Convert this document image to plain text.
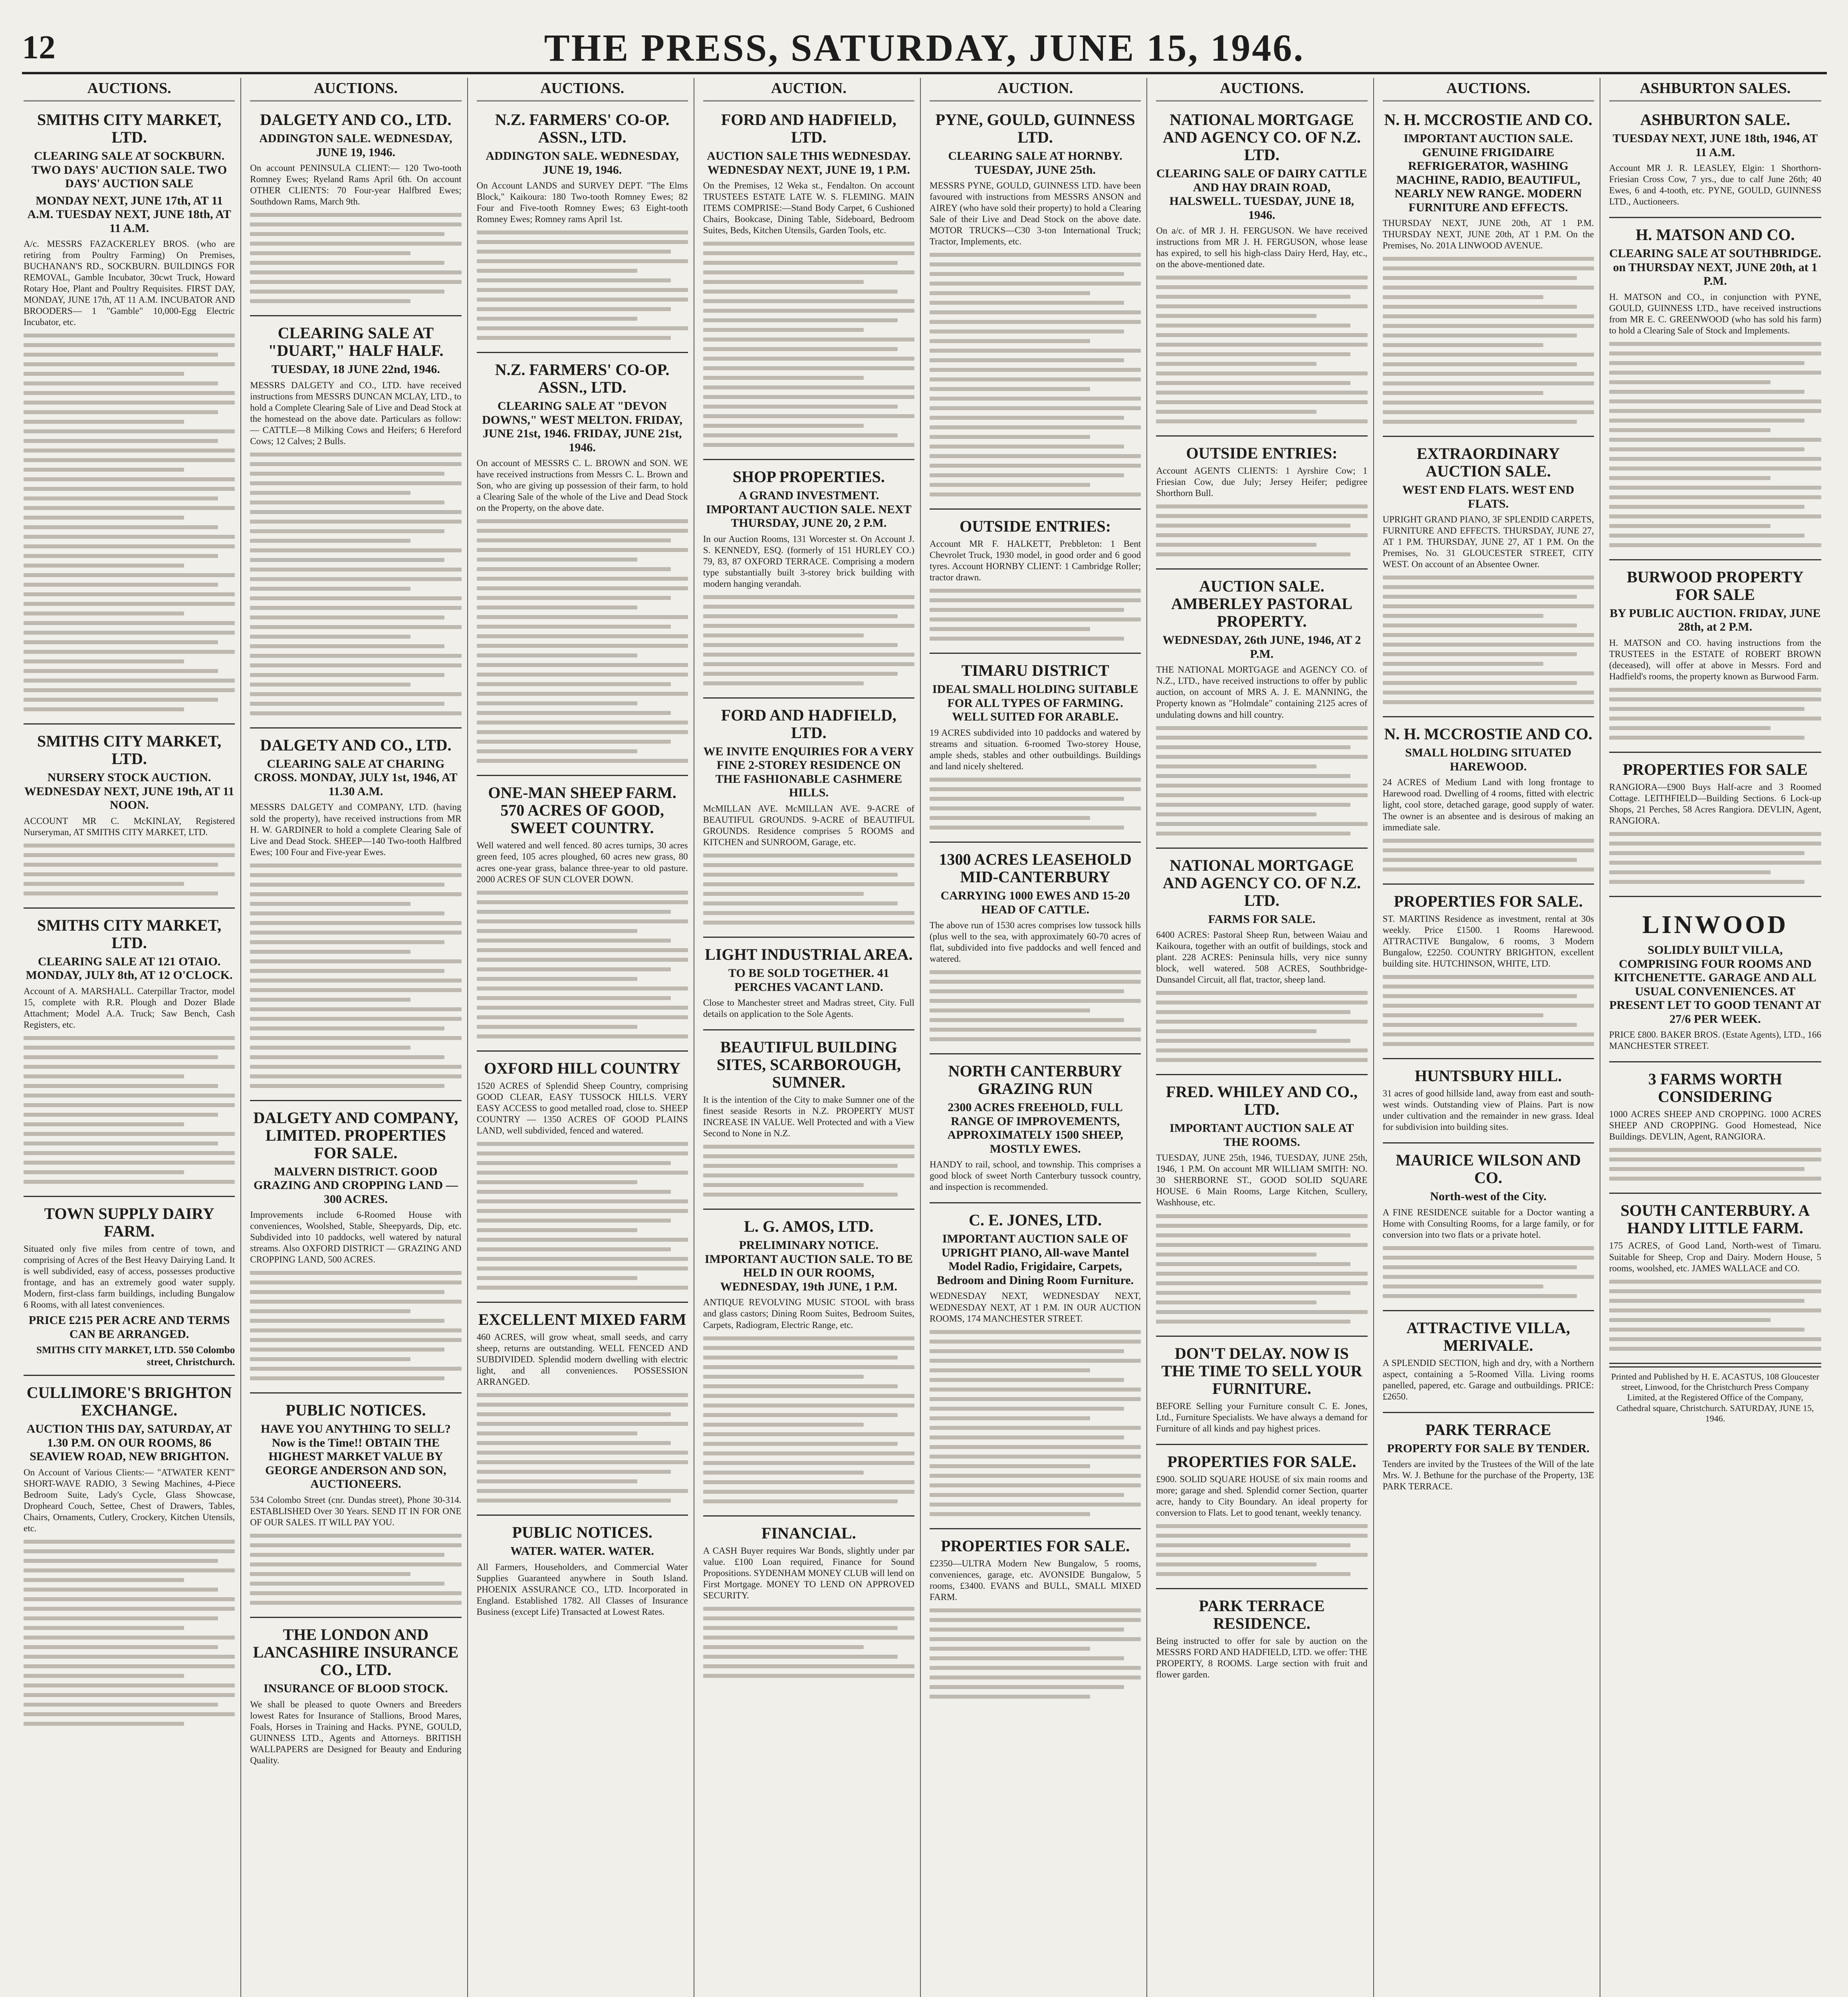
12	THE PRESS, SATURDAY, JUNE 15, 1946.
AUCTIONS.
SMITHS CITY MARKET, LTD.
CLEARING SALE AT SOCKBURN. TWO DAYS' AUCTION SALE. TWO DAYS' AUCTION SALE
MONDAY NEXT, JUNE 17th, AT 11 A.M. TUESDAY NEXT, JUNE 18th, AT 11 A.M.

A/c. MESSRS FAZACKERLEY BROS. (who are retiring from Poultry Farming) On Premises, BUCHANAN'S RD., SOCKBURN. BUILDINGS FOR REMOVAL, Gamble Incubator, 30cwt Truck, Howard Rotary Hoe, Plant and Poultry Requisites. FIRST DAY, MONDAY, JUNE 17th, AT 11 A.M. INCUBATOR AND BROODERS— 1 "Gamble" 10,000-Egg Electric Incubator, etc.

SMITHS CITY MARKET, LTD.
NURSERY STOCK AUCTION. WEDNESDAY NEXT, JUNE 19th, AT 11 NOON.

ACCOUNT MR C. McKINLAY, Registered Nurseryman, AT SMITHS CITY MARKET, LTD.

SMITHS CITY MARKET, LTD.
CLEARING SALE AT 121 OTAIO. MONDAY, JULY 8th, AT 12 O'CLOCK.

Account of A. MARSHALL. Caterpillar Tractor, model 15, complete with R.R. Plough and Dozer Blade Attachment; Model A.A. Truck; Saw Bench, Cash Registers, etc.

TOWN SUPPLY DAIRY FARM.

Situated only five miles from centre of town, and comprising of Acres of the Best Heavy Dairying Land. It is well subdivided, easy of access, possesses productive frontage, and has an extremely good water supply. Modern, first-class farm buildings, including Bungalow 6 Rooms, with all latest conveniences.

PRICE £215 PER ACRE AND TERMS CAN BE ARRANGED.
SMITHS CITY MARKET, LTD. 550 Colombo street, Christchurch.
CULLIMORE'S BRIGHTON EXCHANGE.
AUCTION THIS DAY, SATURDAY, AT 1.30 P.M. ON OUR ROOMS, 86 SEAVIEW ROAD, NEW BRIGHTON.

On Account of Various Clients:— "ATWATER KENT" SHORT-WAVE RADIO, 3 Sewing Machines, 4-Piece Bedroom Suite, Lady's Cycle, Glass Showcase, Dropheard Couch, Settee, Chest of Drawers, Tables, Chairs, Ornaments, Cutlery, Crockery, Kitchen Utensils, etc.

AUCTIONS.
DALGETY AND CO., LTD.
ADDINGTON SALE. WEDNESDAY, JUNE 19, 1946.

On account PENINSULA CLIENT:— 120 Two-tooth Romney Ewes; Ryeland Rams April 6th. On account OTHER CLIENTS: 70 Four-year Halfbred Ewes; Southdown Rams, March 9th.

CLEARING SALE AT "DUART," HALF HALF.
TUESDAY, 18 JUNE 22nd, 1946.

MESSRS DALGETY and CO., LTD. have received instructions from MESSRS DUNCAN MCLAY, LTD., to hold a Complete Clearing Sale of Live and Dead Stock at the homestead on the above date. Particulars as follow:— CATTLE—8 Milking Cows and Heifers; 6 Hereford Cows; 12 Calves; 2 Bulls.

DALGETY AND CO., LTD.
CLEARING SALE AT CHARING CROSS. MONDAY, JULY 1st, 1946, AT 11.30 A.M.

MESSRS DALGETY and COMPANY, LTD. (having sold the property), have received instructions from MR H. W. GARDINER to hold a complete Clearing Sale of Live and Dead Stock. SHEEP—140 Two-tooth Halfbred Ewes; 100 Four and Five-year Ewes.

DALGETY AND COMPANY, LIMITED. PROPERTIES FOR SALE.
MALVERN DISTRICT. GOOD GRAZING AND CROPPING LAND — 300 ACRES.

Improvements include 6-Roomed House with conveniences, Woolshed, Stable, Sheepyards, Dip, etc. Subdivided into 10 paddocks, well watered by natural streams. Also OXFORD DISTRICT — GRAZING AND CROPPING LAND, 500 ACRES.

PUBLIC NOTICES.
HAVE YOU ANYTHING TO SELL? Now is the Time!! OBTAIN THE HIGHEST MARKET VALUE BY GEORGE ANDERSON AND SON, AUCTIONEERS.

534 Colombo Street (cnr. Dundas street), Phone 30-314. ESTABLISHED Over 30 Years. SEND IT IN FOR ONE OF OUR SALES. IT WILL PAY YOU.

THE LONDON AND LANCASHIRE INSURANCE CO., LTD.
INSURANCE OF BLOOD STOCK.

We shall be pleased to quote Owners and Breeders lowest Rates for Insurance of Stallions, Brood Mares, Foals, Horses in Training and Hacks. PYNE, GOULD, GUINNESS LTD., Agents and Attorneys. BRITISH WALLPAPERS are Designed for Beauty and Enduring Quality.

AUCTIONS.
N.Z. FARMERS' CO-OP. ASSN., LTD.
ADDINGTON SALE. WEDNESDAY, JUNE 19, 1946.

On Account LANDS and SURVEY DEPT. "The Elms Block," Kaikoura: 180 Two-tooth Romney Ewes; 82 Four and Five-tooth Romney Ewes; 63 Eight-tooth Romney Ewes; Romney rams April 1st.

N.Z. FARMERS' CO-OP. ASSN., LTD.
CLEARING SALE AT "DEVON DOWNS," WEST MELTON. FRIDAY, JUNE 21st, 1946. FRIDAY, JUNE 21st, 1946.

On account of MESSRS C. L. BROWN and SON. WE have received instructions from Messrs C. L. Brown and Son, who are giving up possession of their farm, to hold a Clearing Sale of the whole of the Live and Dead Stock on the Property, on the above date.

ONE-MAN SHEEP FARM. 570 ACRES OF GOOD, SWEET COUNTRY.

Well watered and well fenced. 80 acres turnips, 30 acres green feed, 105 acres ploughed, 60 acres new grass, 80 acres one-year grass, balance three-year to old pasture. 2000 ACRES OF SUN CLOVER DOWN.

OXFORD HILL COUNTRY

1520 ACRES of Splendid Sheep Country, comprising GOOD CLEAR, EASY TUSSOCK HILLS. VERY EASY ACCESS to good metalled road, close to. SHEEP COUNTRY — 1350 ACRES OF GOOD PLAINS LAND, well subdivided, fenced and watered.

EXCELLENT MIXED FARM

460 ACRES, will grow wheat, small seeds, and carry sheep, returns are outstanding. WELL FENCED AND SUBDIVIDED. Splendid modern dwelling with electric light, and all conveniences. POSSESSION ARRANGED.

PUBLIC NOTICES.
WATER. WATER. WATER.

All Farmers, Householders, and Commercial Water Supplies Guaranteed anywhere in South Island. PHOENIX ASSURANCE CO., LTD. Incorporated in England. Established 1782. All Classes of Insurance Business (except Life) Transacted at Lowest Rates.

AUCTION.
FORD AND HADFIELD, LTD.
AUCTION SALE THIS WEDNESDAY. WEDNESDAY NEXT, JUNE 19, 1 P.M.

On the Premises, 12 Weka st., Fendalton. On account TRUSTEES ESTATE LATE W. S. FLEMING. MAIN ITEMS COMPRISE:—Stand Body Carpet, 6 Cushioned Chairs, Bookcase, Dining Table, Sideboard, Bedroom Suites, Beds, Kitchen Utensils, Garden Tools, etc.

SHOP PROPERTIES.
A GRAND INVESTMENT. IMPORTANT AUCTION SALE. NEXT THURSDAY, JUNE 20, 2 P.M.

In our Auction Rooms, 131 Worcester st. On Account J. S. KENNEDY, ESQ. (formerly of 151 HURLEY CO.) 79, 83, 87 OXFORD TERRACE. Comprising a modern type substantially built 3-storey brick building with modern hanging verandah.

FORD AND HADFIELD, LTD.
WE INVITE ENQUIRIES FOR A VERY FINE 2-STOREY RESIDENCE ON THE FASHIONABLE CASHMERE HILLS.

McMILLAN AVE. McMILLAN AVE. 9-ACRE of BEAUTIFUL GROUNDS. 9-ACRE of BEAUTIFUL GROUNDS. Residence comprises 5 ROOMS and KITCHEN and SUNROOM, Garage, etc.

LIGHT INDUSTRIAL AREA.
TO BE SOLD TOGETHER. 41 PERCHES VACANT LAND.

Close to Manchester street and Madras street, City. Full details on application to the Sole Agents.

BEAUTIFUL BUILDING SITES, SCARBOROUGH, SUMNER.

It is the intention of the City to make Sumner one of the finest seaside Resorts in N.Z. PROPERTY MUST INCREASE IN VALUE. Well Protected and with a View Second to None in N.Z.

L. G. AMOS, LTD.
PRELIMINARY NOTICE. IMPORTANT AUCTION SALE. TO BE HELD IN OUR ROOMS, WEDNESDAY, 19th JUNE, 1 P.M.

ANTIQUE REVOLVING MUSIC STOOL with brass and glass castors; Dining Room Suites, Bedroom Suites, Carpets, Radiogram, Electric Range, etc.

FINANCIAL.

A CASH Buyer requires War Bonds, slightly under par value. £100 Loan required, Finance for Sound Propositions. SYDENHAM MONEY CLUB will lend on First Mortgage. MONEY TO LEND ON APPROVED SECURITY.

AUCTION.
PYNE, GOULD, GUINNESS LTD.
CLEARING SALE AT HORNBY. TUESDAY, JUNE 25th.

MESSRS PYNE, GOULD, GUINNESS LTD. have been favoured with instructions from MESSRS ANSON and AIREY (who have sold their property) to hold a Clearing Sale of their Live and Dead Stock on the above date. MOTOR TRUCKS—C30 3-ton International Truck; Tractor, Implements, etc.

OUTSIDE ENTRIES:

Account MR F. HALKETT, Prebbleton: 1 Bent Chevrolet Truck, 1930 model, in good order and 6 good tyres. Account HORNBY CLIENT: 1 Cambridge Roller; tractor drawn.

TIMARU DISTRICT
IDEAL SMALL HOLDING SUITABLE FOR ALL TYPES OF FARMING. WELL SUITED FOR ARABLE.

19 ACRES subdivided into 10 paddocks and watered by streams and situation. 6-roomed Two-storey House, ample sheds, stables and other outbuildings. Buildings and land nicely sheltered.

1300 ACRES LEASEHOLD MID-CANTERBURY
CARRYING 1000 EWES AND 15-20 HEAD OF CATTLE.

The above run of 1530 acres comprises low tussock hills (plus well to the sea, with approximately 60-70 acres of flat, subdivided into five paddocks and well fenced and watered.

NORTH CANTERBURY GRAZING RUN
2300 ACRES FREEHOLD, FULL RANGE OF IMPROVEMENTS, APPROXIMATELY 1500 SHEEP, MOSTLY EWES.

HANDY to rail, school, and township. This comprises a good block of sweet North Canterbury tussock country, and inspection is recommended.

C. E. JONES, LTD.
IMPORTANT AUCTION SALE OF UPRIGHT PIANO, All-wave Mantel Model Radio, Frigidaire, Carpets, Bedroom and Dining Room Furniture.

WEDNESDAY NEXT, WEDNESDAY NEXT, WEDNESDAY NEXT, AT 1 P.M. IN OUR AUCTION ROOMS, 174 MANCHESTER STREET.

PROPERTIES FOR SALE.

£2350—ULTRA Modern New Bungalow, 5 rooms, conveniences, garage, etc. AVONSIDE Bungalow, 5 rooms, £3400. EVANS and BULL, SMALL MIXED FARM.

AUCTIONS.
NATIONAL MORTGAGE AND AGENCY CO. OF N.Z. LTD.
CLEARING SALE OF DAIRY CATTLE AND HAY DRAIN ROAD, HALSWELL. TUESDAY, JUNE 18, 1946.

On a/c. of MR J. H. FERGUSON. We have received instructions from MR J. H. FERGUSON, whose lease has expired, to sell his high-class Dairy Herd, Hay, etc., on the above-mentioned date.

OUTSIDE ENTRIES:

Account AGENTS CLIENTS: 1 Ayrshire Cow; 1 Friesian Cow, due July; Jersey Heifer; pedigree Shorthorn Bull.

AUCTION SALE. AMBERLEY PASTORAL PROPERTY.
WEDNESDAY, 26th JUNE, 1946, AT 2 P.M.

THE NATIONAL MORTGAGE and AGENCY CO. of N.Z., LTD., have received instructions to offer by public auction, on account of MRS A. J. E. MANNING, the Property known as "Holmdale" containing 2125 acres of undulating downs and hill country.

NATIONAL MORTGAGE AND AGENCY CO. OF N.Z. LTD.
FARMS FOR SALE.

6400 ACRES: Pastoral Sheep Run, between Waiau and Kaikoura, together with an outfit of buildings, stock and plant. 228 ACRES: Peninsula hills, very nice sunny block, well watered. 508 ACRES, Southbridge-Dunsandel Circuit, all flat, tractor, sheep land.

FRED. WHILEY AND CO., LTD.
IMPORTANT AUCTION SALE AT THE ROOMS.

TUESDAY, JUNE 25th, 1946, TUESDAY, JUNE 25th, 1946, 1 P.M. On account MR WILLIAM SMITH: NO. 30 SHERBORNE ST., GOOD SOLID SQUARE HOUSE. 6 Main Rooms, Large Kitchen, Scullery, Washhouse, etc.

DON'T DELAY. NOW IS THE TIME TO SELL YOUR FURNITURE.

BEFORE Selling your Furniture consult C. E. Jones, Ltd., Furniture Specialists. We have always a demand for Furniture of all kinds and pay highest prices.

PROPERTIES FOR SALE.

£900. SOLID SQUARE HOUSE of six main rooms and more; garage and shed. Splendid corner Section, quarter acre, handy to City Boundary. An ideal property for conversion to Flats. Let to good tenant, weekly tenancy.

PARK TERRACE RESIDENCE.

Being instructed to offer for sale by auction on the MESSRS FORD AND HADFIELD, LTD. we offer: THE PROPERTY, 8 ROOMS. Large section with fruit and flower garden.

AUCTIONS.
N. H. MCCROSTIE AND CO.
IMPORTANT AUCTION SALE. GENUINE FRIGIDAIRE REFRIGERATOR, WASHING MACHINE, RADIO, BEAUTIFUL, NEARLY NEW RANGE. MODERN FURNITURE AND EFFECTS.

THURSDAY NEXT, JUNE 20th, AT 1 P.M. THURSDAY NEXT, JUNE 20th, AT 1 P.M. On the Premises, No. 201A LINWOOD AVENUE.

EXTRAORDINARY AUCTION SALE.
WEST END FLATS. WEST END FLATS.

UPRIGHT GRAND PIANO, 3F SPLENDID CARPETS, FURNITURE AND EFFECTS. THURSDAY, JUNE 27, AT 1 P.M. THURSDAY, JUNE 27, AT 1 P.M. On the Premises, No. 31 GLOUCESTER STREET, CITY WEST. On account of an Absentee Owner.

N. H. MCCROSTIE AND CO.
SMALL HOLDING SITUATED HAREWOOD.

24 ACRES of Medium Land with long frontage to Harewood road. Dwelling of 4 rooms, fitted with electric light, cool store, detached garage, good supply of water. The owner is an absentee and is desirous of making an immediate sale.

PROPERTIES FOR SALE.

ST. MARTINS Residence as investment, rental at 30s weekly. Price £1500. 1 Rooms Harewood. ATTRACTIVE Bungalow, 6 rooms, 3 Modern Bungalow, £2250. COUNTRY BRIGHTON, excellent building site. HUTCHINSON, WHITE, LTD.

HUNTSBURY HILL.

31 acres of good hillside land, away from east and south-west winds. Outstanding view of Plains. Part is now under cultivation and the remainder in new grass. Ideal for subdivision into building sites.

MAURICE WILSON AND CO.
North-west of the City.

A FINE RESIDENCE suitable for a Doctor wanting a Home with Consulting Rooms, for a large family, or for conversion into two flats or a private hotel.

ATTRACTIVE VILLA, MERIVALE.

A SPLENDID SECTION, high and dry, with a Northern aspect, containing a 5-Roomed Villa. Living rooms panelled, papered, etc. Garage and outbuildings. PRICE: £2650.

PARK TERRACE
PROPERTY FOR SALE BY TENDER.

Tenders are invited by the Trustees of the Will of the late Mrs. W. J. Bethune for the purchase of the Property, 13E PARK TERRACE.

ASHBURTON SALES.
ASHBURTON SALE.
TUESDAY NEXT, JUNE 18th, 1946, AT 11 A.M.

Account MR J. R. LEASLEY, Elgin: 1 Shorthorn-Friesian Cross Cow, 7 yrs., due to calf June 26th; 40 Ewes, 6 and 4-tooth, etc. PYNE, GOULD, GUINNESS LTD., Auctioneers.

H. MATSON AND CO.
CLEARING SALE AT SOUTHBRIDGE. on THURSDAY NEXT, JUNE 20th, at 1 P.M.

H. MATSON and CO., in conjunction with PYNE, GOULD, GUINNESS LTD., have received instructions from MR E. C. GREENWOOD (who has sold his farm) to hold a Clearing Sale of Stock and Implements.

BURWOOD PROPERTY FOR SALE
BY PUBLIC AUCTION. FRIDAY, JUNE 28th, at 2 P.M.

H. MATSON and CO. having instructions from the TRUSTEES in the ESTATE of ROBERT BROWN (deceased), will offer at above in Messrs. Ford and Hadfield's rooms, the property known as Burwood Farm.

PROPERTIES FOR SALE

RANGIORA—£900 Buys Half-acre and 3 Roomed Cottage. LEITHFIELD—Building Sections. 6 Lock-up Shops, 21 Perches, 58 Acres Rangiora. DEVLIN, Agent, RANGIORA.

LINWOOD
SOLIDLY BUILT VILLA, COMPRISING FOUR ROOMS AND KITCHENETTE. GARAGE AND ALL USUAL CONVENIENCES. AT PRESENT LET TO GOOD TENANT AT 27/6 PER WEEK.

PRICE £800. BAKER BROS. (Estate Agents), LTD., 166 MANCHESTER STREET.

3 FARMS WORTH CONSIDERING

1000 ACRES SHEEP AND CROPPING. 1000 ACRES SHEEP AND CROPPING. Good Homestead, Nice Buildings. DEVLIN, Agent, RANGIORA.

SOUTH CANTERBURY. A HANDY LITTLE FARM.

175 ACRES, of Good Land, North-west of Timaru. Suitable for Sheep, Crop and Dairy. Modern House, 5 rooms, woolshed, etc. JAMES WALLACE and CO.

Printed and Published by H. E. ACASTUS, 108 Gloucester street, Linwood, for the Christchurch Press Company Limited, at the Registered Office of the Company, Cathedral square, Christchurch. SATURDAY, JUNE 15, 1946.
